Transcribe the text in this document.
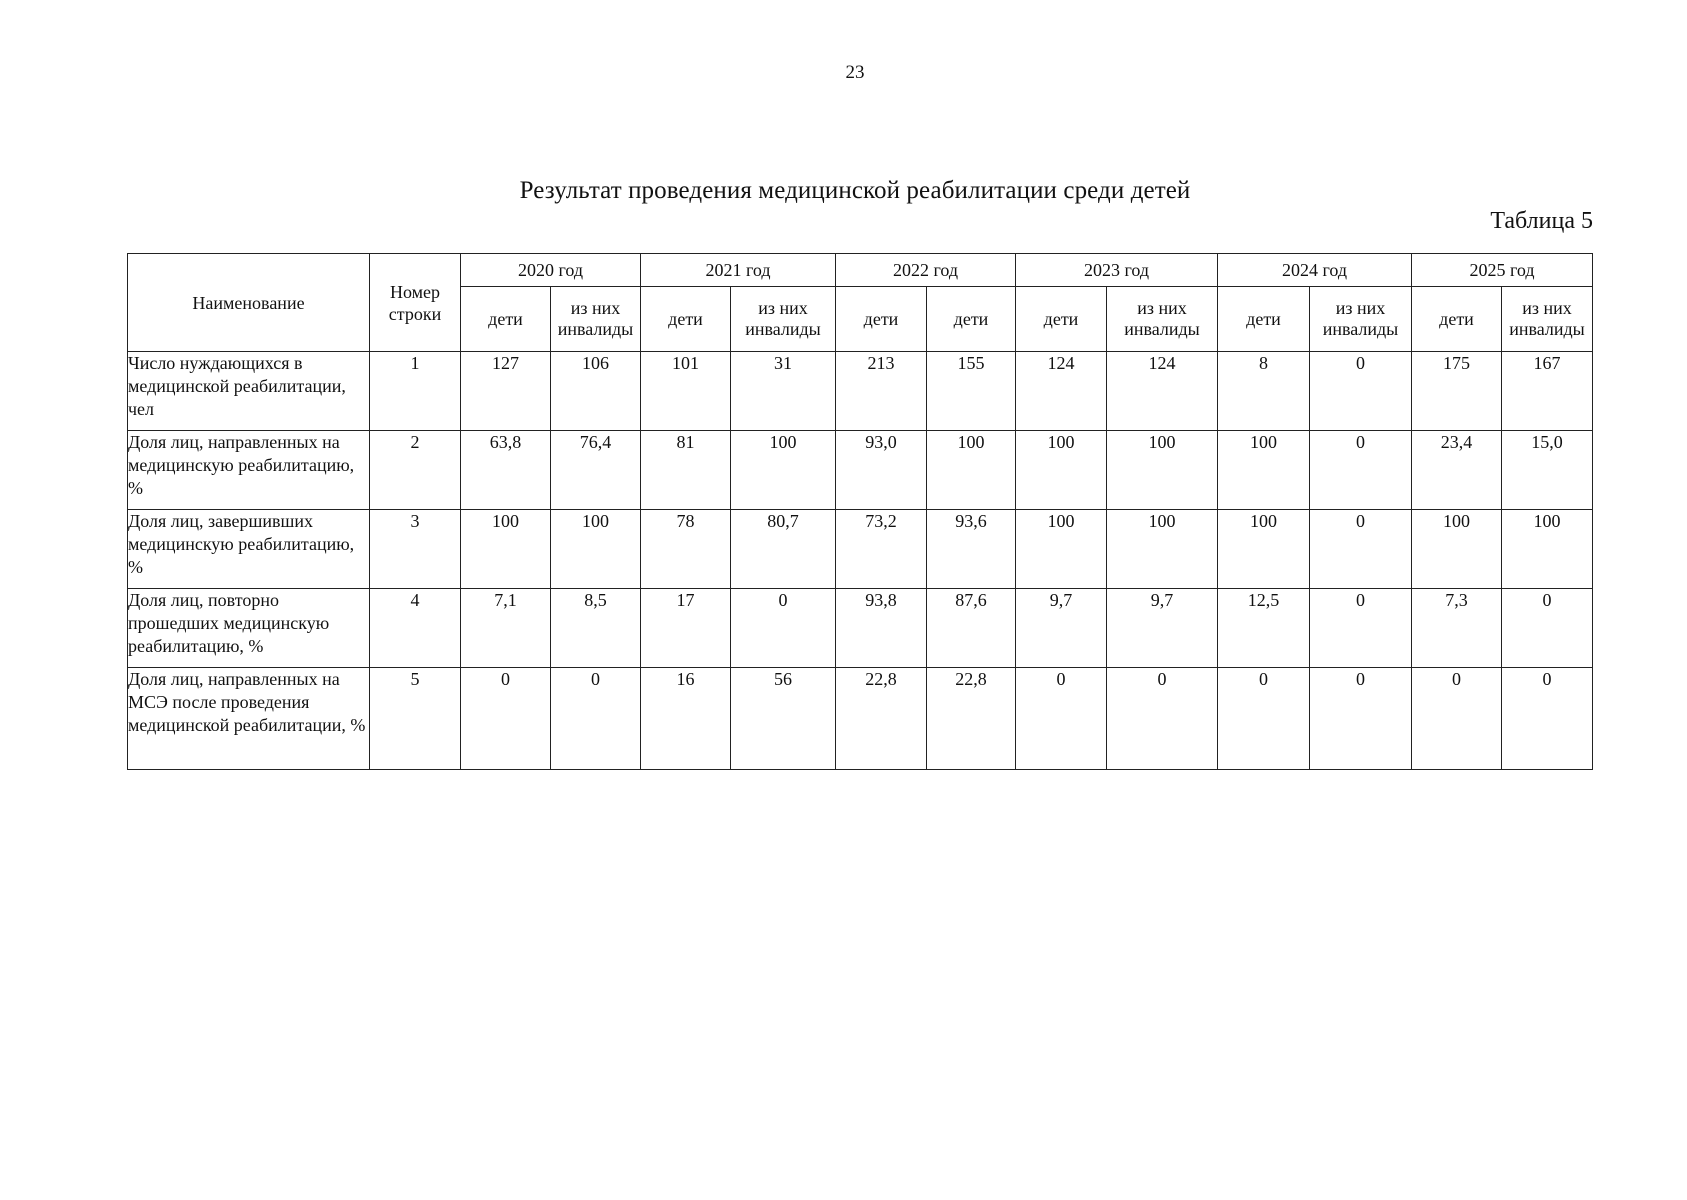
23
Результат проведения медицинской реабилитации среди детей
Таблица 5
Наименование	Номер строки	2020 год		2021 год		2022 год		2023 год		2024 год		2025 год	
		дети	из них инвалиды	дети	из них инвалиды	дети	дети	дети	из них инвалиды	дети	из них инвалиды	дети	из них инвалиды
Число нуждающихся в медицинской реабилитации, чел	1	127	106	101	31	213	155	124	124	8	0	175	167
Доля лиц, направленных на медицинскую реабилитацию, %	2	63,8	76,4	81	100	93,0	100	100	100	100	0	23,4	15,0
Доля лиц, завершивших медицинскую реабилитацию, %	3	100	100	78	80,7	73,2	93,6	100	100	100	0	100	100
Доля лиц, повторно прошедших медицинскую реабилитацию, %	4	7,1	8,5	17	0	93,8	87,6	9,7	9,7	12,5	0	7,3	0
Доля лиц, направленных на МСЭ после проведения медицинской реабилитации, %	5	0	0	16	56	22,8	22,8	0	0	0	0	0	0
